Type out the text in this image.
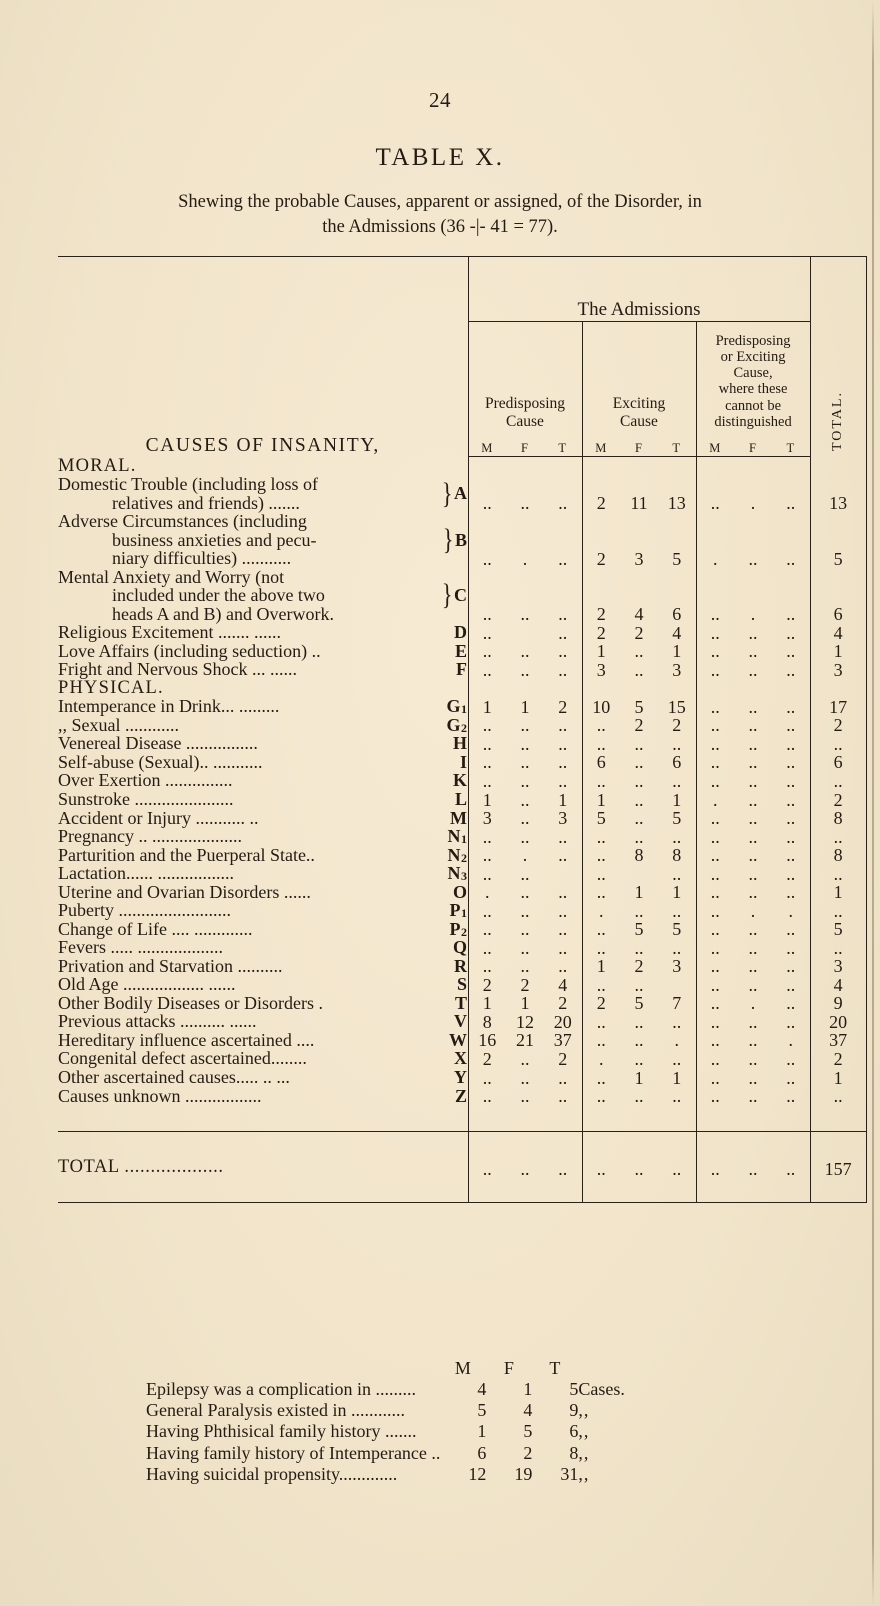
24
TABLE X.
Shewing the probable Causes, apparent or assigned, of the Disorder, in
the Admissions (36 -|- 41 = 77).
	The Admissions									
CAUSES OF INSANITY,	
Predisposing
Cause

Exciting
Cause

Predisposing
or Exciting
Cause,
where these
cannot be
distinguished	TOTAL.
	M	F	T	M	F	T	M	F	T	
MORAL.										

Domestic Trouble (including loss of
relatives and friends) ....... } A	..	..	..	2	11	13	..	.	..	13

Adverse Circumstances (including
business anxieties and pecu-
niary difficulties) ...........
} B	..	.	..	2	3	5	.	..	..	5

Mental Anxiety and Worry (not
included under the above two
heads A and B) and Overwork.
} C	..	..	..	2	4	6	..	.	..	6

Religious Excitement ....... ...... D	..		..	2	2	4	..	..	..	4

Love Affairs (including seduction) .. E	..	..	..	1	..	1	..	..	..	1

Fright and Nervous Shock ... ...... F	..	..	..	3	..	3	..	..	..	3
PHYSICAL.										

Intemperance in Drink... ......... G1	1	1	2	10	5	15	..	..	..	17

,, Sexual ............ G2	..	..	..	..	2	2	..	..	..	2

Venereal Disease ................ H	..	..	..	..	..	..	..	..	..	..

Self-abuse (Sexual).. ........... I	..	..	..	6	..	6	..	..	..	6

Over Exertion ............... K	..	..	..	..	..	..	..	..	..	..

Sunstroke ...................... L	1	..	1	1	..	1	.	..	..	2

Accident or Injury ........... .. M	3	..	3	5	..	5	..	..	..	8

Pregnancy .. .................... N1	..	..	..	..	..	..	..	..	..	..

Parturition and the Puerperal State.. N2	..	.	..	..	8	8	..	..	..	8

Lactation...... ................. N3	..	..		..		..	..	..	..	..

Uterine and Ovarian Disorders ...... O	.	..	..	..	1	1	..	..	..	1

Puberty ......................... P1	..	..	..	.	..	..	..	.	.	..

Change of Life .... ............. P2	..	..	..	..	5	5	..	..	..	5

Fevers ..... ................... Q	..	..	..	..	..	..	..	..	..	..

Privation and Starvation .......... R	..	..	..	1	2	3	..	..	..	3

Old Age .................. ...... S	2	2	4	..	..		..	..	..	4

Other Bodily Diseases or Disorders . T	1	1	2	2	5	7	..	.	..	9

Previous attacks .......... ...... V	8	12	20	..	..	..	..	..	..	20

Hereditary influence ascertained .... W	16	21	37	..	..	.	..	..	.	37

Congenital defect ascertained........ X	2	..	2	.	..	..	..	..	..	2

Other ascertained causes..... .. ... Y	..	..	..	..	1	1	..	..	..	1

Causes unknown ................. Z	..	..	..	..	..	..	..	..	..	..

TOTAL ...................	..	..	..	..	..	..	..	..	..	157

	M	F	T	
Epilepsy was a complication in .........	4	1	5	Cases.
General Paralysis existed in ............	5	4	9	,,
Having Phthisical family history .......	1	5	6	,,
Having family history of Intemperance ..	6	2	8	,,
Having suicidal propensity.............	12	19	31	,,
